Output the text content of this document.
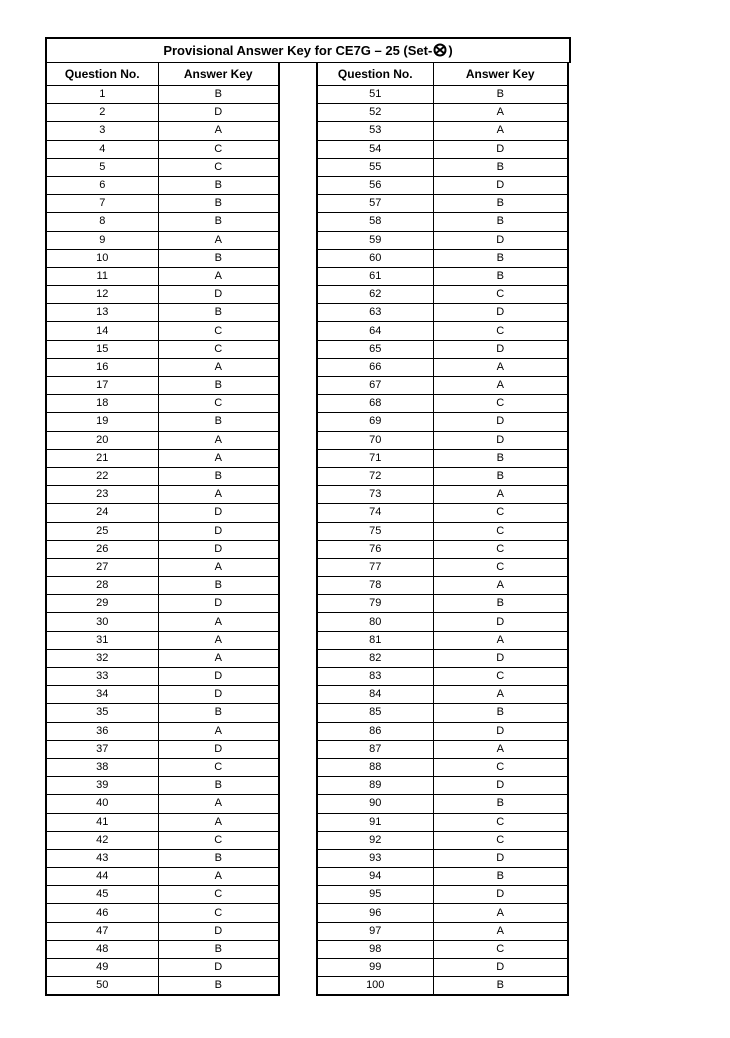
Provisional Answer Key for CE7G – 25 (Set- )
Question No.	Answer Key
1	B
2	D
3	A
4	C
5	C
6	B
7	B
8	B
9	A
10	B
11	A
12	D
13	B
14	C
15	C
16	A
17	B
18	C
19	B
20	A
21	A
22	B
23	A
24	D
25	D
26	D
27	A
28	B
29	D
30	A
31	A
32	A
33	D
34	D
35	B
36	A
37	D
38	C
39	B
40	A
41	A
42	C
43	B
44	A
45	C
46	C
47	D
48	B
49	D
50	B
Question No.	Answer Key
51	B
52	A
53	A
54	D
55	B
56	D
57	B
58	B
59	D
60	B
61	B
62	C
63	D
64	C
65	D
66	A
67	A
68	C
69	D
70	D
71	B
72	B
73	A
74	C
75	C
76	C
77	C
78	A
79	B
80	D
81	A
82	D
83	C
84	A
85	B
86	D
87	A
88	C
89	D
90	B
91	C
92	C
93	D
94	B
95	D
96	A
97	A
98	C
99	D
100	B
